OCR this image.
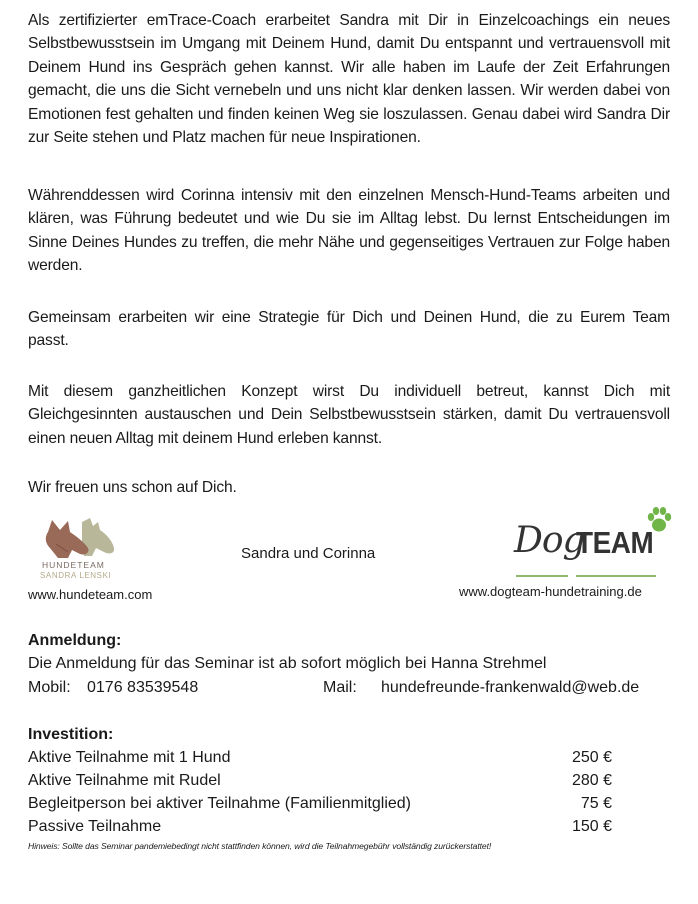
Als zertifizierter emTrace-Coach erarbeitet Sandra mit Dir in Einzelcoachings ein neues Selbstbewusstsein im Umgang mit Deinem Hund, damit Du entspannt und vertrauensvoll mit Deinem Hund ins Gespräch gehen kannst. Wir alle haben im Laufe der Zeit Erfahrungen gemacht, die uns die Sicht vernebeln und uns nicht klar denken lassen. Wir werden dabei von Emotionen fest gehalten und finden keinen Weg sie loszulassen. Genau dabei wird Sandra Dir zur Seite stehen und Platz machen für neue Inspirationen.

Währenddessen wird Corinna intensiv mit den einzelnen Mensch-Hund-Teams arbeiten und klären, was Führung bedeutet und wie Du sie im Alltag lebst. Du lernst Entscheidungen im Sinne Deines Hundes zu treffen, die mehr Nähe und gegenseitiges Vertrauen zur Folge haben werden.

Gemeinsam erarbeiten wir eine Strategie für Dich und Deinen Hund, die zu Eurem Team passt.

Mit diesem ganzheitlichen Konzept wirst Du individuell betreut, kannst Dich mit Gleichgesinnten austauschen und Dein Selbstbewusstsein stärken, damit Du vertrauensvoll einen neuen Alltag mit deinem Hund erleben kannst.

Wir freuen uns schon auf Dich.

HUNDETEAM
SANDRA LENSKI
www.hundeteam.com
Sandra und Corinna	Dog
TEAM
www.dogteam-hundetraining.de
Anmeldung:
Die Anmeldung für das Seminar ist ab sofort möglich bei Hanna Strehmel
Mobil: 0176 83539548	Mail: hundefreunde-frankenwald@web.de
Investition:
Aktive Teilnahme mit 1 Hund	250 €
Aktive Teilnahme mit Rudel	280 €
Begleitperson bei aktiver Teilnahme (Familienmitglied)	75 €
Passive Teilnahme	150 €
Hinweis: Sollte das Seminar pandemiebedingt nicht stattfinden können, wird die Teilnahmegebühr vollständig zurückerstattet!
